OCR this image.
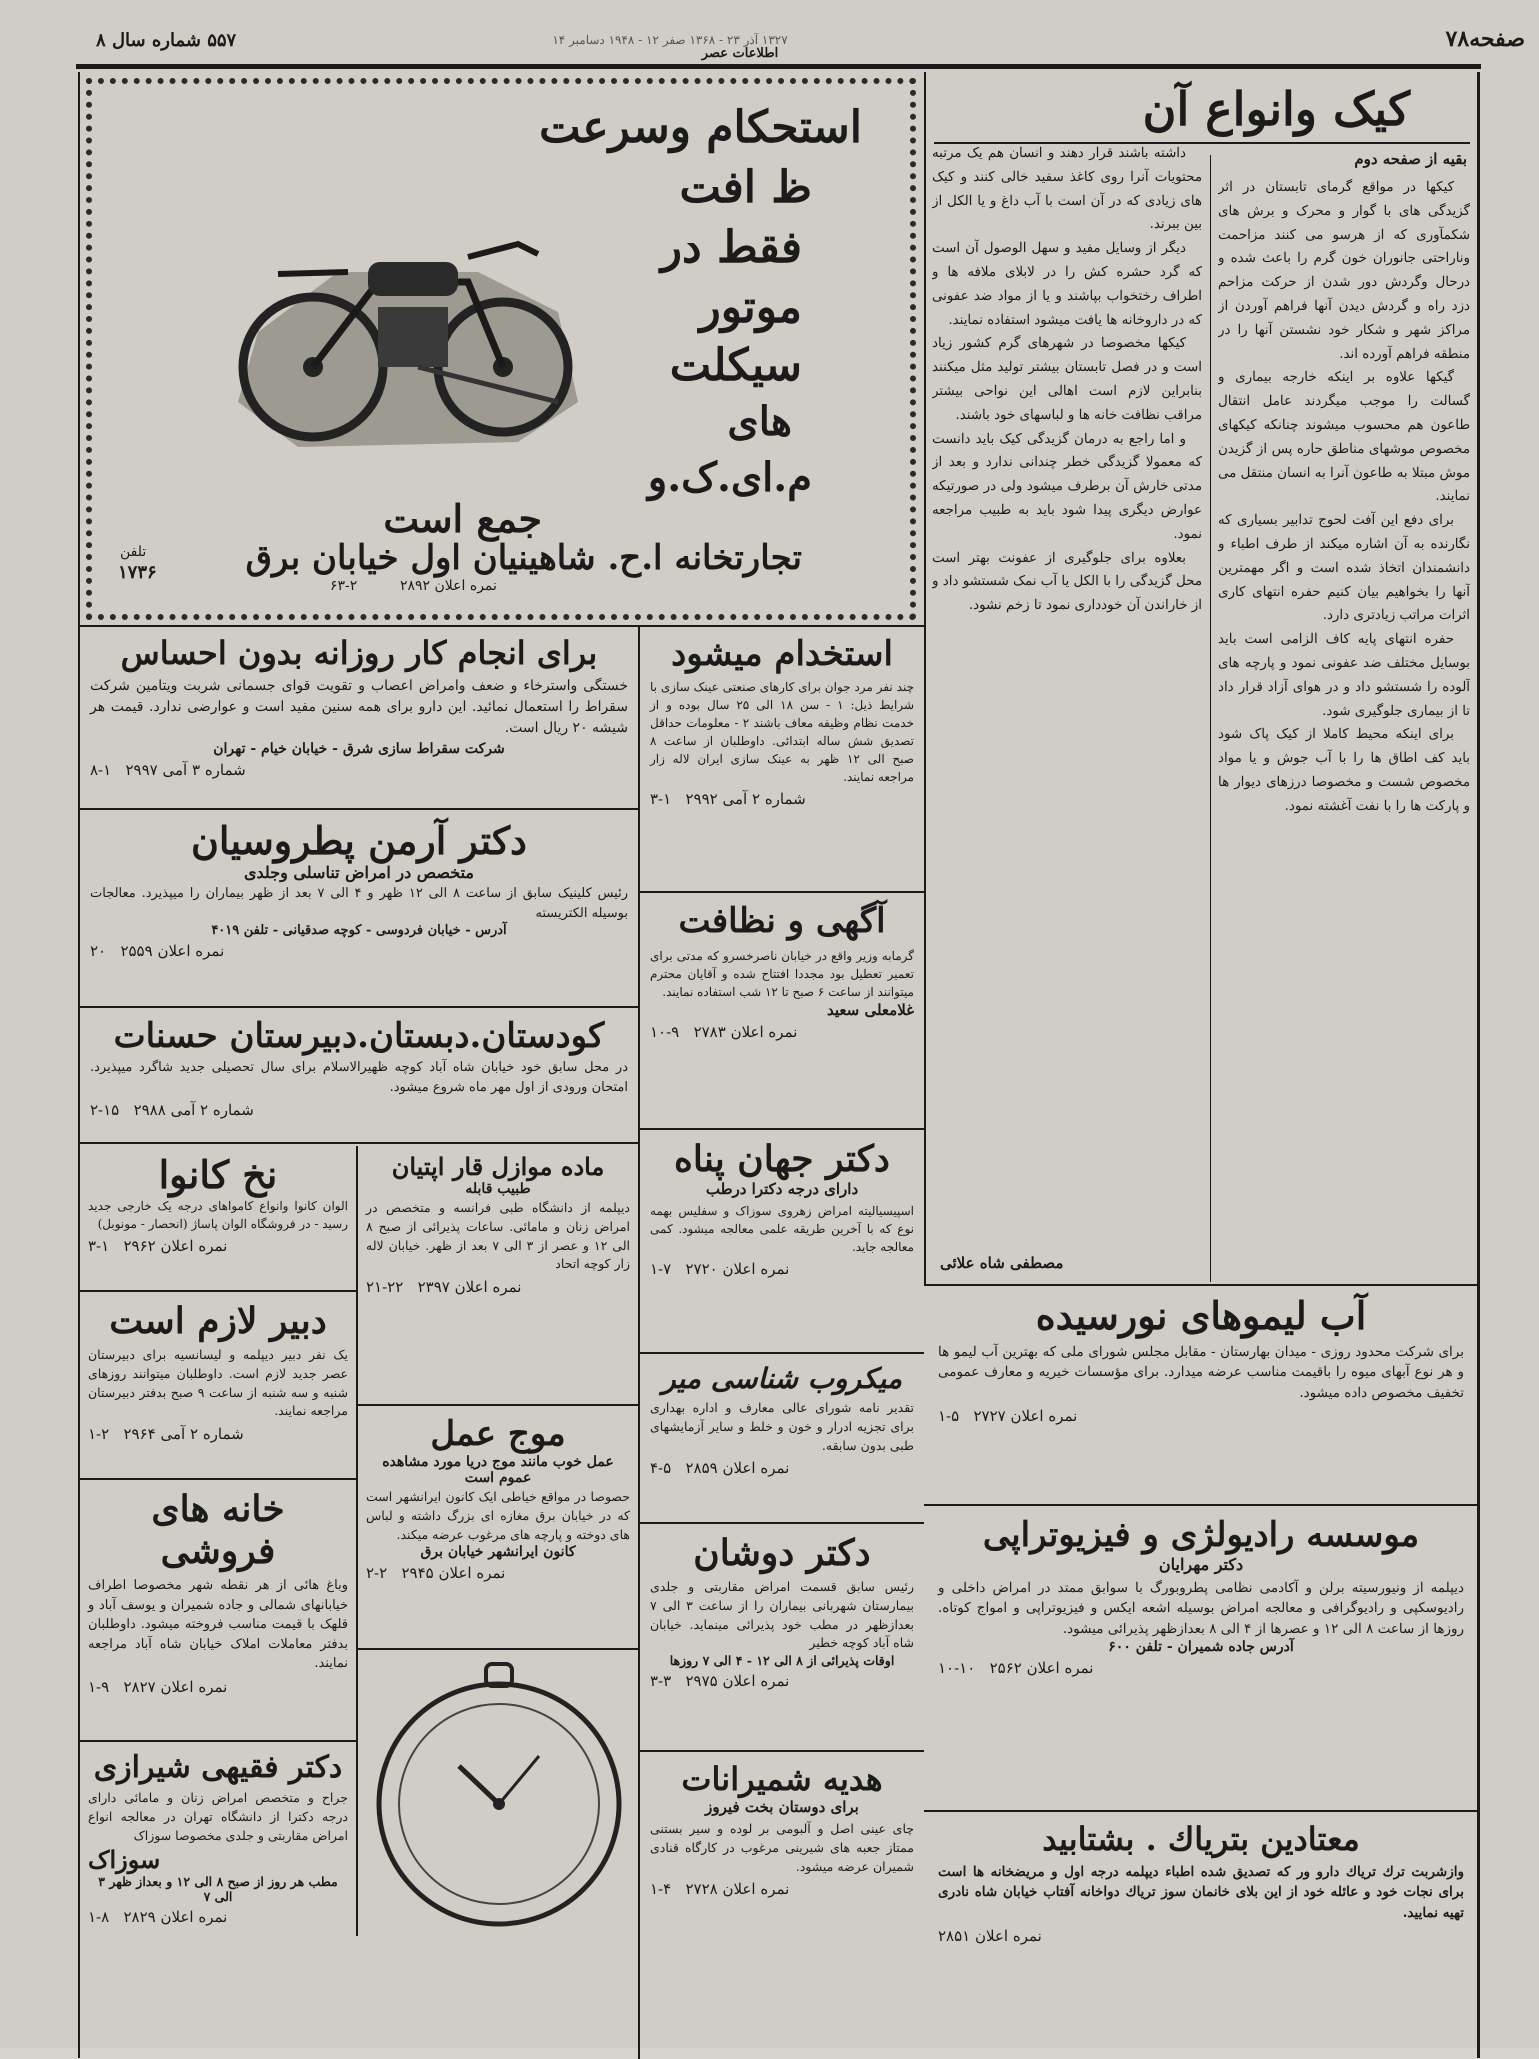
صفحه۷۸
۱۳۲۷ آذر ۲۳ - ۱۳۶۸ صفر ۱۲ - ۱۹۴۸ دسامبر ۱۴
اطلاعات عصر
۵۵۷ شماره سال ۸
استحکام وسرعت
ظ افت
فقط در
موتور
سیکلت
های
م.ای.ک.و
جمع است
تجارتخانه ا.ح. شاهینیان اول خیابان برق
تلفن
۱۷۳۶
۶۳-۲	نمره اعلان ۲۸۹۲
کیک وانواع آن
بقیه از صفحه دوم
کیکها در مواقع گرمای تابستان در اثر گزیدگی های با گوار و محرک و برش های شکمآوری که از هرسو می کنند مزاحمت وناراحتی جانوران خون گرم را باعث شده و درحال وگردش دور شدن از حرکت مزاحم دزد راه و گردش دیدن آنها فراهم آوردن از مراکز شهر و شکار خود نشستن آنها را در منطقه فراهم آورده اند.
گیکها علاوه بر اینکه خارجه بیماری و گسالت را موجب میگردند عامل انتقال طاعون هم محسوب میشوند چنانکه کیکهای مخصوص موشهای مناطق حاره پس از گزیدن موش مبتلا به طاعون آنرا به انسان منتقل می نمایند.
برای دفع این آفت لحوج تدابیر بسیاری که نگارنده به آن اشاره میکند از طرف اطباء و دانشمندان اتخاذ شده است و اگر مهمترین آنها را بخواهیم بیان کنیم حفره انتهای کاری اثرات مراتب زیادتری دارد.
حفره انتهای پایه کاف الزامی است باید بوسایل مختلف ضد عفونی نمود و پارچه های آلوده را شستشو داد و در هوای آزاد قرار داد تا از بیماری جلوگیری شود.
برای اینکه محیط کاملا از کیک پاک شود باید کف اطاق ها را با آب جوش و یا مواد مخصوص شست و مخصوصا درزهای دیوار ها و پارکت ها را با نفت آغشته نمود.
داشته باشند قرار دهند و انسان هم یک مرتبه محتویات آنرا روی کاغذ سفید خالی کنند و کیک های زیادی که در آن است با آب داغ و یا الکل از بین ببرند.
دیگر از وسایل مفید و سهل الوصول آن است که گرد حشره کش را در لابلای ملافه ها و اطراف رختخواب بپاشند و یا از مواد ضد عفونی که در داروخانه ها یافت میشود استفاده نمایند.
کیکها مخصوصا در شهرهای گرم کشور زیاد است و در فصل تابستان بیشتر تولید مثل میکنند بنابراین لازم است اهالی این نواحی بیشتر مراقب نظافت خانه ها و لباسهای خود باشند.
و اما راجع به درمان گزیدگی کیک باید دانست که معمولا گزیدگی خطر چندانی ندارد و بعد از مدتی خارش آن برطرف میشود ولی در صورتیکه عوارض دیگری پیدا شود باید به طبیب مراجعه نمود.
بعلاوه برای جلوگیری از عفونت بهتر است محل گزیدگی را با الکل یا آب نمک شستشو داد و از خاراندن آن خودداری نمود تا زخم نشود.
مصطفی شاه علائی
استخدام میشود
چند نفر مرد جوان برای کارهای صنعتی عینک سازی با شرایط ذیل: ۱ - سن ۱۸ الی ۲۵ سال بوده و از خدمت نظام وظیفه معاف باشند ۲ - معلومات حداقل تصدیق شش ساله ابتدائی. داوطلبان از ساعت ۸ صبح الی ۱۲ ظهر به عینک سازی ایران لاله زار مراجعه نمایند.
۳-۱ شماره ۲ آمی ۲۹۹۲
برای انجام کار روزانه بدون احساس
خستگی واسترخاء و ضعف وامراض اعصاب و تقویت قوای جسمانی شربت ویتامین شرکت سقراط را استعمال نمائید. این دارو برای همه سنین مفید است و عوارضی ندارد. قیمت هر شیشه ۲۰ ریال است.
شرکت سقراط سازی شرق - خیابان خیام - تهران
۸-۱ شماره ۳ آمی ۲۹۹۷
دکتر آرمن پطروسیان
متخصص در امراض تناسلی وجلدی
رئیس کلینیک سابق از ساعت ۸ الی ۱۲ ظهر و ۴ الی ۷ بعد از ظهر بیماران را میپذیرد. معالجات بوسیله الکتریسته
آدرس - خیابان فردوسی - کوچه صدقیانی - تلفن ۴۰۱۹
۲۰ نمره اعلان ۲۵۵۹
آگهی و نظافت
گرمابه وزیر واقع در خیابان ناصرخسرو که مدتی برای تعمیر تعطیل بود مجددا افتتاح شده و آقایان محترم میتوانند از ساعت ۶ صبح تا ۱۲ شب استفاده نمایند.
غلامعلی سعید
۱۰-۹ نمره اعلان ۲۷۸۳
کودستان.دبستان.دبیرستان حسنات
در محل سابق خود خیابان شاه آباد کوچه ظهیرالاسلام برای سال تحصیلی جدید شاگرد میپذیرد. امتحان ورودی از اول مهر ماه شروع میشود.
۲-۱۵ شماره ۲ آمی ۲۹۸۸
دکتر جهان پناه
دارای درجه دکترا درطب
اسپیسیالیته امراض زهروی سوزاک و سفلیس بهمه نوع که با آخرین طریقه علمی معالجه میشود. کمی معالجه جاید.
۱-۷ نمره اعلان ۲۷۲۰
آب لیموهای نورسیده
برای شرکت محدود روزی - میدان بهارستان - مقابل مجلس شورای ملی که بهترین آب لیمو ها و هر نوع آبهای میوه را باقیمت مناسب عرضه میدارد. برای مؤسسات خیریه و معارف عمومی تخفیف مخصوص داده میشود.
۱-۵ نمره اعلان ۲۷۲۷
نخ کانوا
الوان کانوا وانواع کامواهای درجه یک خارجی جدید رسید - در فروشگاه الوان پاساژ (انحصار - مونوبل)
۳-۱ نمره اعلان ۲۹۶۲
ماده موازل قار اپتیان
طبیب قابله
دیپلمه از دانشگاه طبی فرانسه و متخصص در امراض زنان و مامائی. ساعات پذیرائی از صبح ۸ الی ۱۲ و عصر از ۳ الی ۷ بعد از ظهر. خیابان لاله زار کوچه اتحاد
۲۱-۲۲ نمره اعلان ۲۳۹۷
دبیر لازم است
یک نفر دبیر دیپلمه و لیسانسیه برای دبیرستان عصر جدید لازم است. داوطلبان میتوانند روزهای شنبه و سه شنبه از ساعت ۹ صبح بدفتر دبیرستان مراجعه نمایند.
۱-۲ شماره ۲ آمی ۲۹۶۴
میکروب شناسی میر
تقدیر نامه شورای عالی معارف و اداره بهداری برای تجزیه ادرار و خون و خلط و سایر آزمایشهای طبی بدون سابقه.
۴-۵ نمره اعلان ۲۸۵۹
موج عمل
عمل خوب مانند موج دریا مورد مشاهده عموم است
حصوصا در مواقع خیاطی ایک کانون ایرانشهر است که در خیابان برق مغازه ای بزرگ داشته و لباس های دوخته و پارچه های مرغوب عرضه میکند.
کانون ایرانشهر خیابان برق
۲-۲ نمره اعلان ۲۹۴۵
خانه های فروشی
وباغ هائی از هر نقطه شهر مخصوصا اطراف خیابانهای شمالی و جاده شمیران و یوسف آباد و قلهک با قیمت مناسب فروخته میشود. داوطلبان بدفتر معاملات املاک خیابان شاه آباد مراجعه نمایند.
۱-۹ نمره اعلان ۲۸۲۷
موسسه رادیولژی و فیزیوتراپی
دکتر مهرایان
دیپلمه از ونیورسیته برلن و آکادمی نظامی پطروبورگ با سوابق ممتد در امراض داخلی و رادیوسکپی و رادیوگرافی و معالجه امراض بوسیله اشعه ایکس و فیزیوتراپی و امواج کوتاه. روزها از ساعت ۸ الی ۱۲ و عصرها از ۴ الی ۸ بعدازظهر پذیرائی میشود.
آدرس جاده شمیران - تلفن ۶۰۰
۱۰-۱۰ نمره اعلان ۲۵۶۲
دکتر دوشان
رئیس سابق قسمت امراض مقاربتی و جلدی بیمارستان شهربانی بیماران را از ساعت ۳ الی ۷ بعدازظهر در مطب خود پذیرائی مینماید. خیابان شاه آباد کوچه خطیر
اوقات پذیرائی از ۸ الی ۱۲ - ۴ الی ۷ روزها
۳-۳ نمره اعلان ۲۹۷۵
هدیه شمیرانات
برای دوستان بخت فیروز
چای عینی اصل و آلبومی بر لوده و سیر بستنی ممتاز جعبه های شیرینی مرغوب در کارگاه قنادی شمیران عرضه میشود.
۱-۴ نمره اعلان ۲۷۲۸
دکتر فقیهی شیرازی
جراح و متخصص امراض زنان و مامائی دارای درجه دکترا از دانشگاه تهران در معالجه انواع امراض مقاربتی و جلدی مخصوصا سوزاک
سوزاک
مطب هر روز از صبح ۸ الی ۱۲ و بعداز ظهر ۳ الی ۷
۱-۸ نمره اعلان ۲۸۲۹
معتادین بتریاك . بشتابید
وازشربت ترك تریاك دارو ور كه تصدیق شده اطباء دیپلمه درجه اول و مریضخانه ها است برای نجات خود و عائله خود از این بلای خانمان سوز تریاك دواخانه آفتاب خیابان شاه نادری تهیه نمایید.
نمره اعلان ۲۸۵۱
